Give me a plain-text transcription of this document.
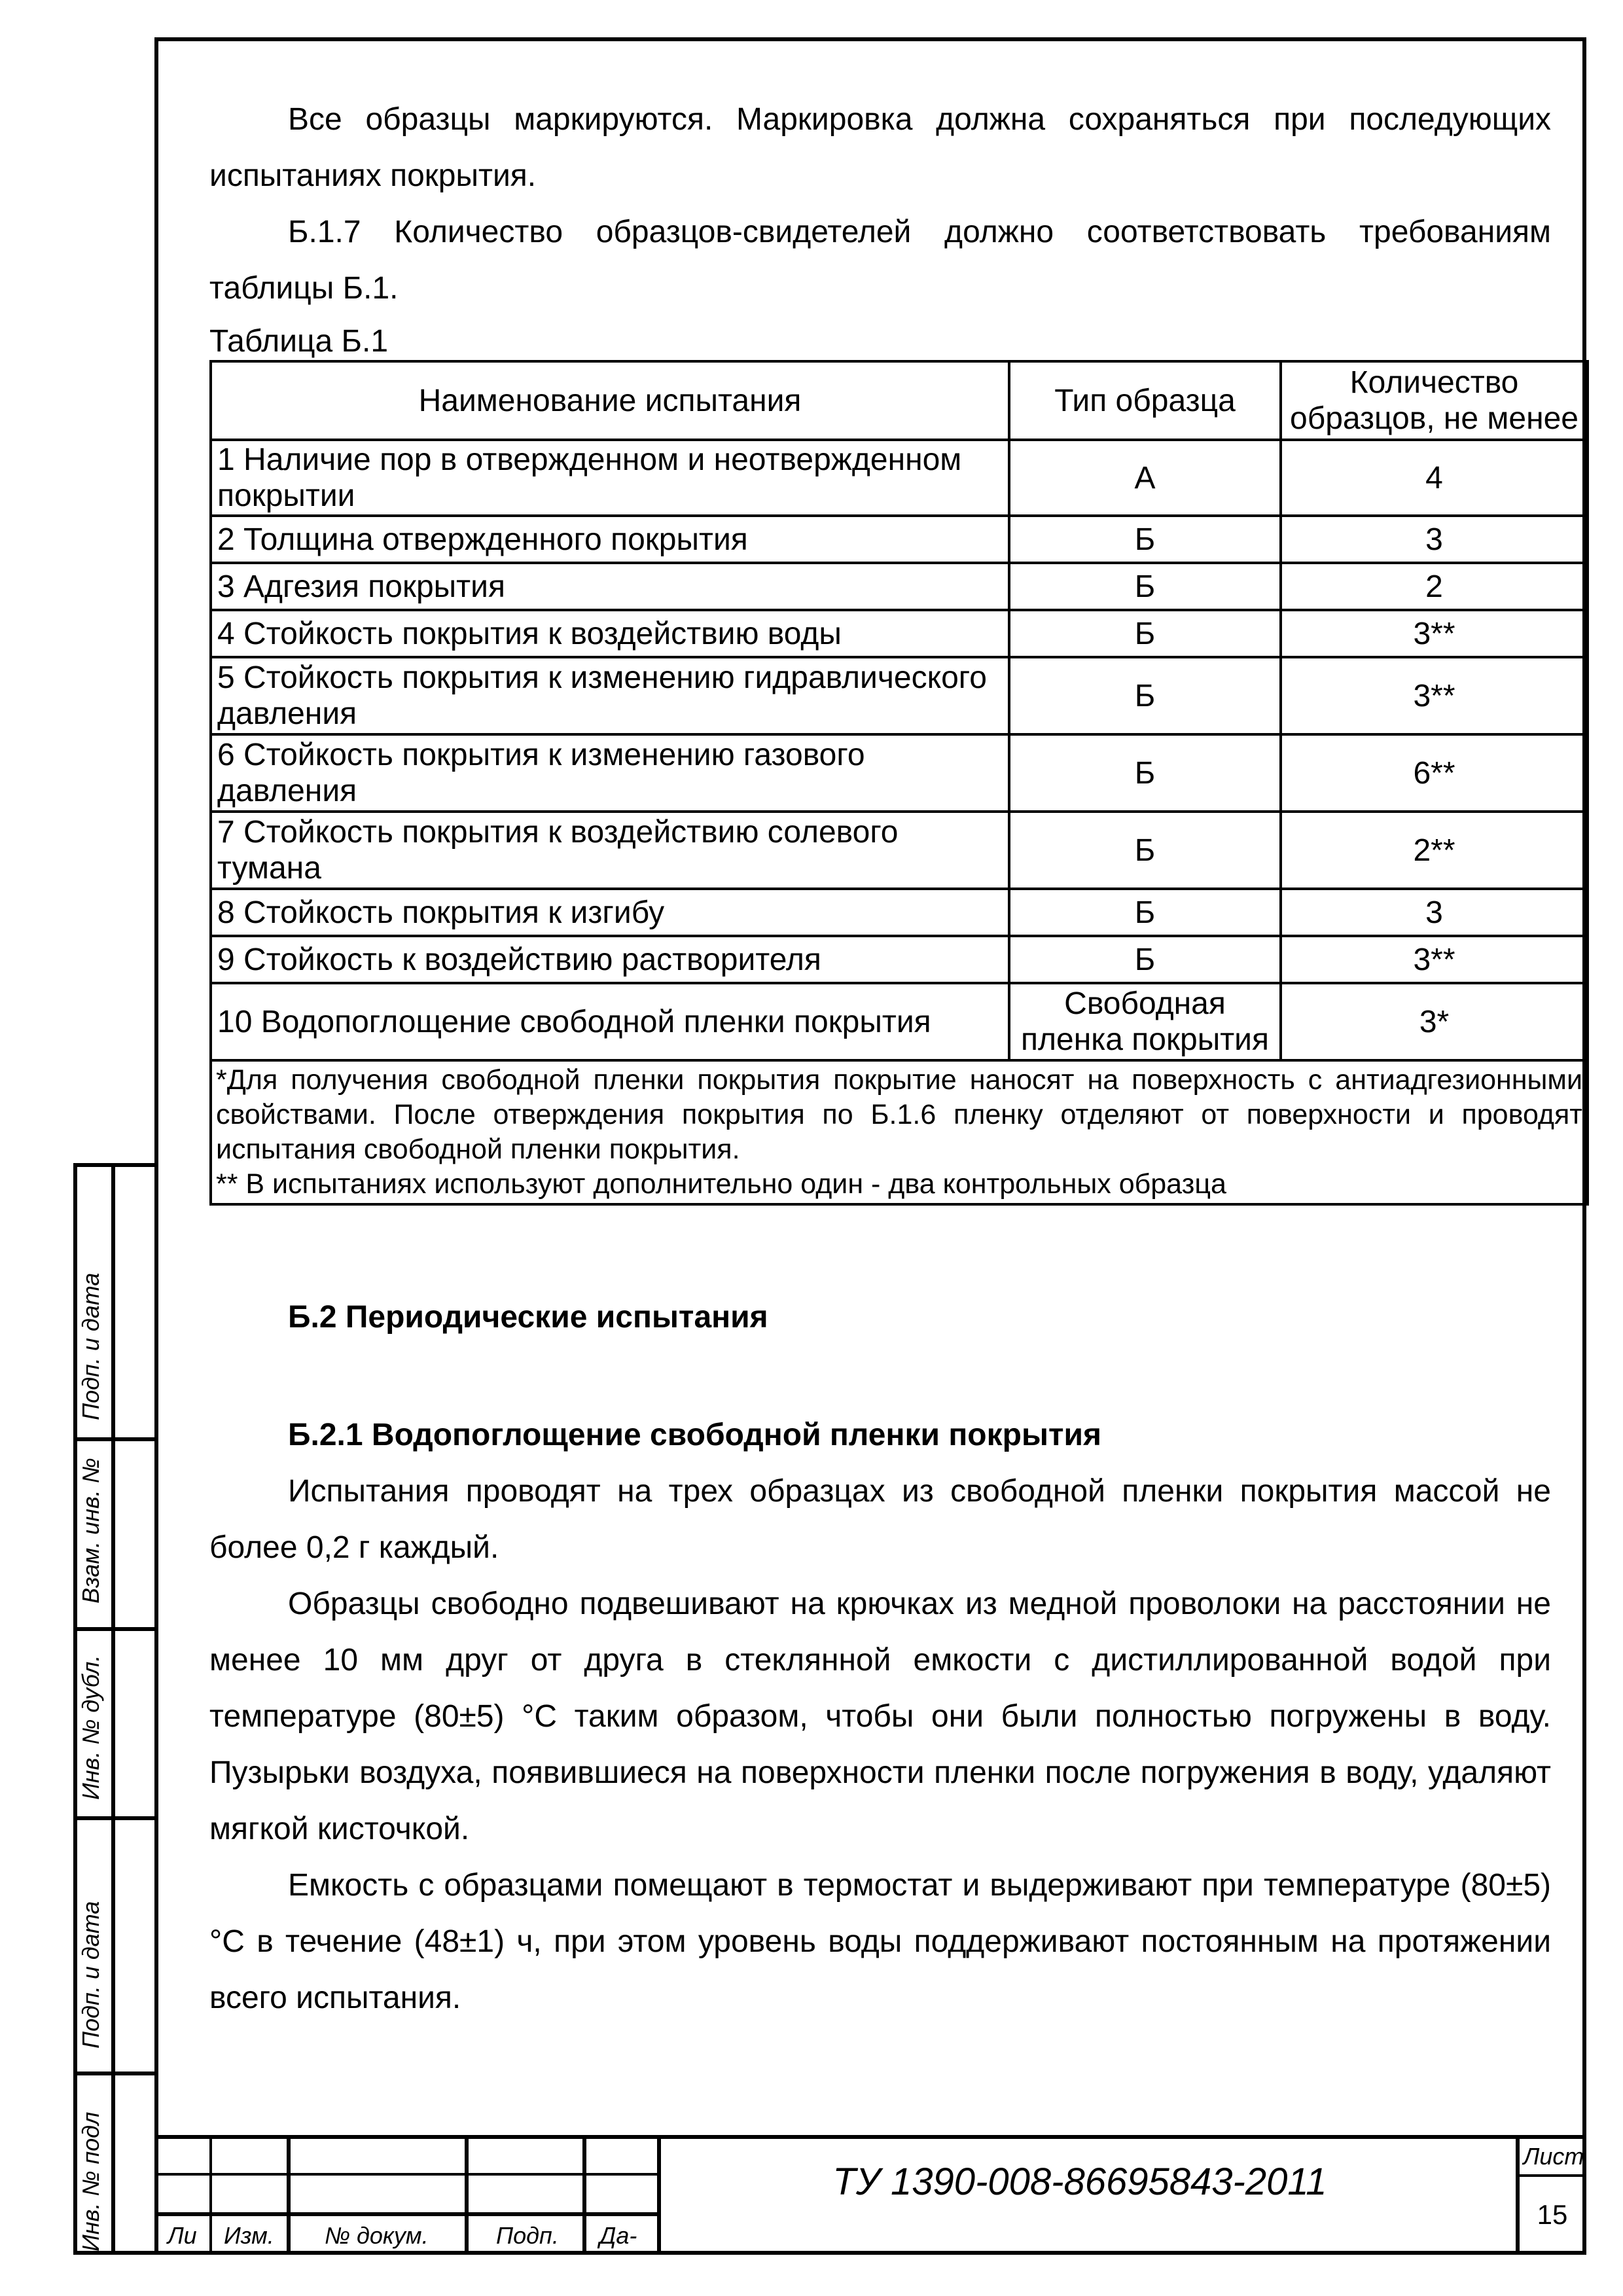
Все образцы маркируются. Маркировка должна сохраняться при последующих испытаниях покрытия.

Б.1.7 Количество образцов-свидетелей должно соответствовать требованиям таблицы Б.1.

Таблица Б.1
Наименование испытания	Тип образца	Количество образцов, не менее
1 Наличие пор в отвержденном и неотвержденном покрытии	А	4
2 Толщина отвержденного покрытия	Б	3
3 Адгезия покрытия	Б	2
4 Стойкость покрытия к воздействию воды	Б	3**
5 Стойкость покрытия к изменению гидравлического давления	Б	3**
6 Стойкость покрытия к изменению газового давления	Б	6**
7 Стойкость покрытия к воздействию солевого тумана	Б	2**
8 Стойкость покрытия к изгибу	Б	3
9 Стойкость к воздействию растворителя	Б	3**
10 Водопоглощение свободной пленки покрытия	Свободная пленка покрытия	3*

*Для получения свободной пленки покрытия покрытие наносят на поверхность с антиадгезионными свойствами. После отверждения покрытия по Б.1.6 пленку отделяют от поверхности и проводят испытания свободной пленки покрытия.
** В испытаниях используют дополнительно один - два контрольных образца		

Б.2 Периодические испытания

Б.2.1 Водопоглощение свободной пленки покрытия

Испытания проводят на трех образцах из свободной пленки покрытия массой не более 0,2 г каждый.

Образцы свободно подвешивают на крючках из медной проволоки на расстоянии не менее 10 мм друг от друга в стеклянной емкости с дистиллированной водой при температуре (80±5) °С таким образом, чтобы они были полностью погружены в воду. Пузырьки воздуха, появившиеся на поверхности пленки после погружения в воду, удаляют мягкой кисточкой.

Емкость с образцами помещают в термостат и выдерживают при температуре (80±5) °С в течение (48±1) ч, при этом уровень воды поддерживают постоянным на протяжении всего испытания.

Подп. и дата
Взам. инв. №
Инв. № дубл.
Подп. и дата
Инв. № подл	Ли Изм. № докум.	Подп. Да-
ТУ 1390-008-86695843-2011
Лист
15
